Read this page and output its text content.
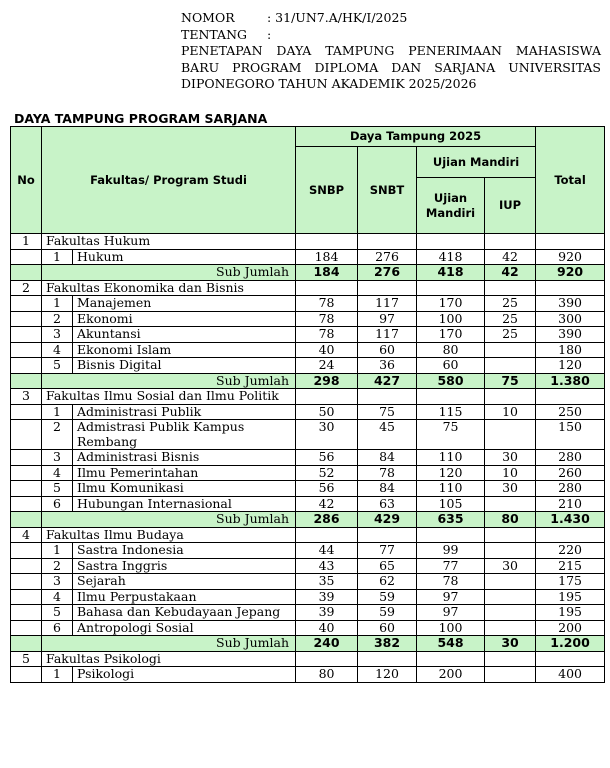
NOMOR	: 31/UN7.A/HK/I/2025
TENTANG :
PENETAPAN DAYA TAMPUNG PENERIMAAN MAHASISWA BARU PROGRAM DIPLOMA DAN SARJANA UNIVERSITAS DIPONEGORO TAHUN AKADEMIK 2025/2026
DAYA TAMPUNG PROGRAM SARJANA
No	Fakultas/ Program Studi		Daya Tampung 2025				Total
			SNBP	SNBT	Ujian Mandiri		
					Ujian Mandiri	IUP	
1	Fakultas Hukum						
	1	Hukum	184	276	418	42	920
	Sub Jumlah		184	276	418	42	920
2	Fakultas Ekonomika dan Bisnis						
	1	Manajemen	78	117	170	25	390
	2	Ekonomi	78	97	100	25	300
	3	Akuntansi	78	117	170	25	390
	4	Ekonomi Islam	40	60	80		180
	5	Bisnis Digital	24	36	60		120
	Sub Jumlah		298	427	580	75	1.380
3	Fakultas Ilmu Sosial dan Ilmu Politik						
	1	Administrasi Publik	50	75	115	10	250
	2	Admistrasi Publik Kampus Rembang	30	45	75		150
	3	Administrasi Bisnis	56	84	110	30	280
	4	Ilmu Pemerintahan	52	78	120	10	260
	5	Ilmu Komunikasi	56	84	110	30	280
	6	Hubungan Internasional	42	63	105		210
	Sub Jumlah		286	429	635	80	1.430
4	Fakultas Ilmu Budaya						
	1	Sastra Indonesia	44	77	99		220
	2	Sastra Inggris	43	65	77	30	215
	3	Sejarah	35	62	78		175
	4	Ilmu Perpustakaan	39	59	97		195
	5	Bahasa dan Kebudayaan Jepang	39	59	97		195
	6	Antropologi Sosial	40	60	100		200
	Sub Jumlah		240	382	548	30	1.200
5	Fakultas Psikologi						
	1	Psikologi	80	120	200		400
